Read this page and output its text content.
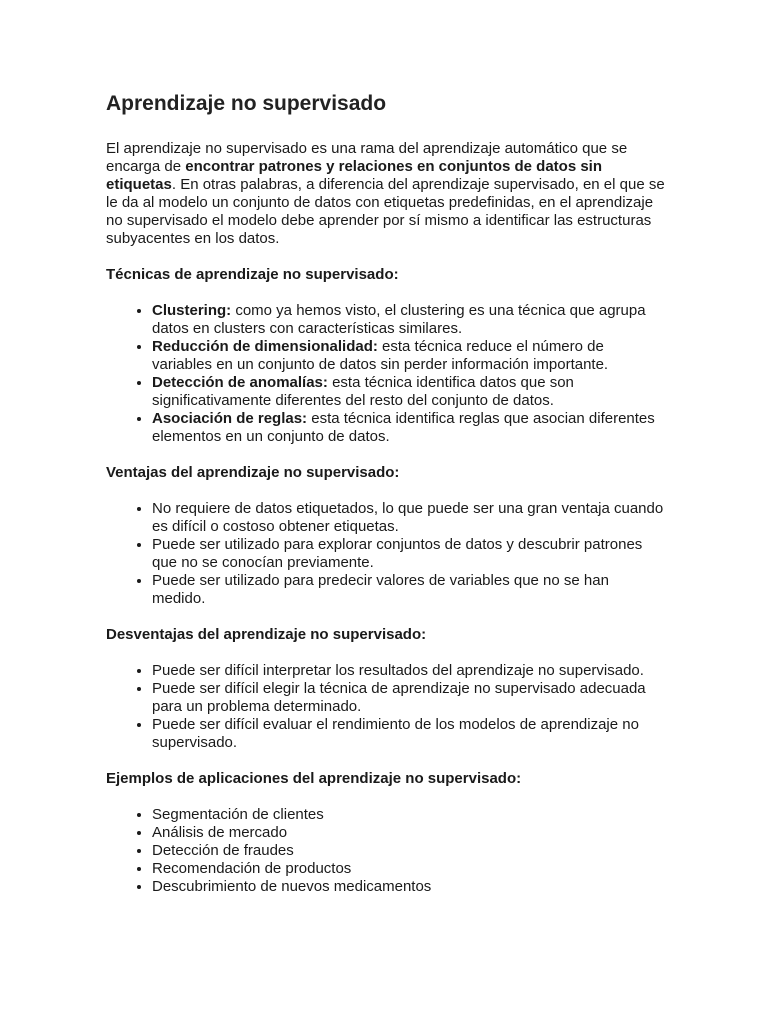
Aprendizaje no supervisado

El aprendizaje no supervisado es una rama del aprendizaje automático que se encarga de encontrar patrones y relaciones en conjuntos de datos sin etiquetas. En otras palabras, a diferencia del aprendizaje supervisado, en el que se le da al modelo un conjunto de datos con etiquetas predefinidas, en el aprendizaje no supervisado el modelo debe aprender por sí mismo a identificar las estructuras subyacentes en los datos.

Técnicas de aprendizaje no supervisado:

• Clustering: como ya hemos visto, el clustering es una técnica que agrupa datos en clusters con características similares.
• Reducción de dimensionalidad: esta técnica reduce el número de variables en un conjunto de datos sin perder información importante.
• Detección de anomalías: esta técnica identifica datos que son significativamente diferentes del resto del conjunto de datos.
• Asociación de reglas: esta técnica identifica reglas que asocian diferentes elementos en un conjunto de datos.

Ventajas del aprendizaje no supervisado:

• No requiere de datos etiquetados, lo que puede ser una gran ventaja cuando es difícil o costoso obtener etiquetas.
• Puede ser utilizado para explorar conjuntos de datos y descubrir patrones que no se conocían previamente.
• Puede ser utilizado para predecir valores de variables que no se han medido.

Desventajas del aprendizaje no supervisado:

• Puede ser difícil interpretar los resultados del aprendizaje no supervisado.
• Puede ser difícil elegir la técnica de aprendizaje no supervisado adecuada para un problema determinado.
• Puede ser difícil evaluar el rendimiento de los modelos de aprendizaje no supervisado.

Ejemplos de aplicaciones del aprendizaje no supervisado:

• Segmentación de clientes
• Análisis de mercado
• Detección de fraudes
• Recomendación de productos
• Descubrimiento de nuevos medicamentos
